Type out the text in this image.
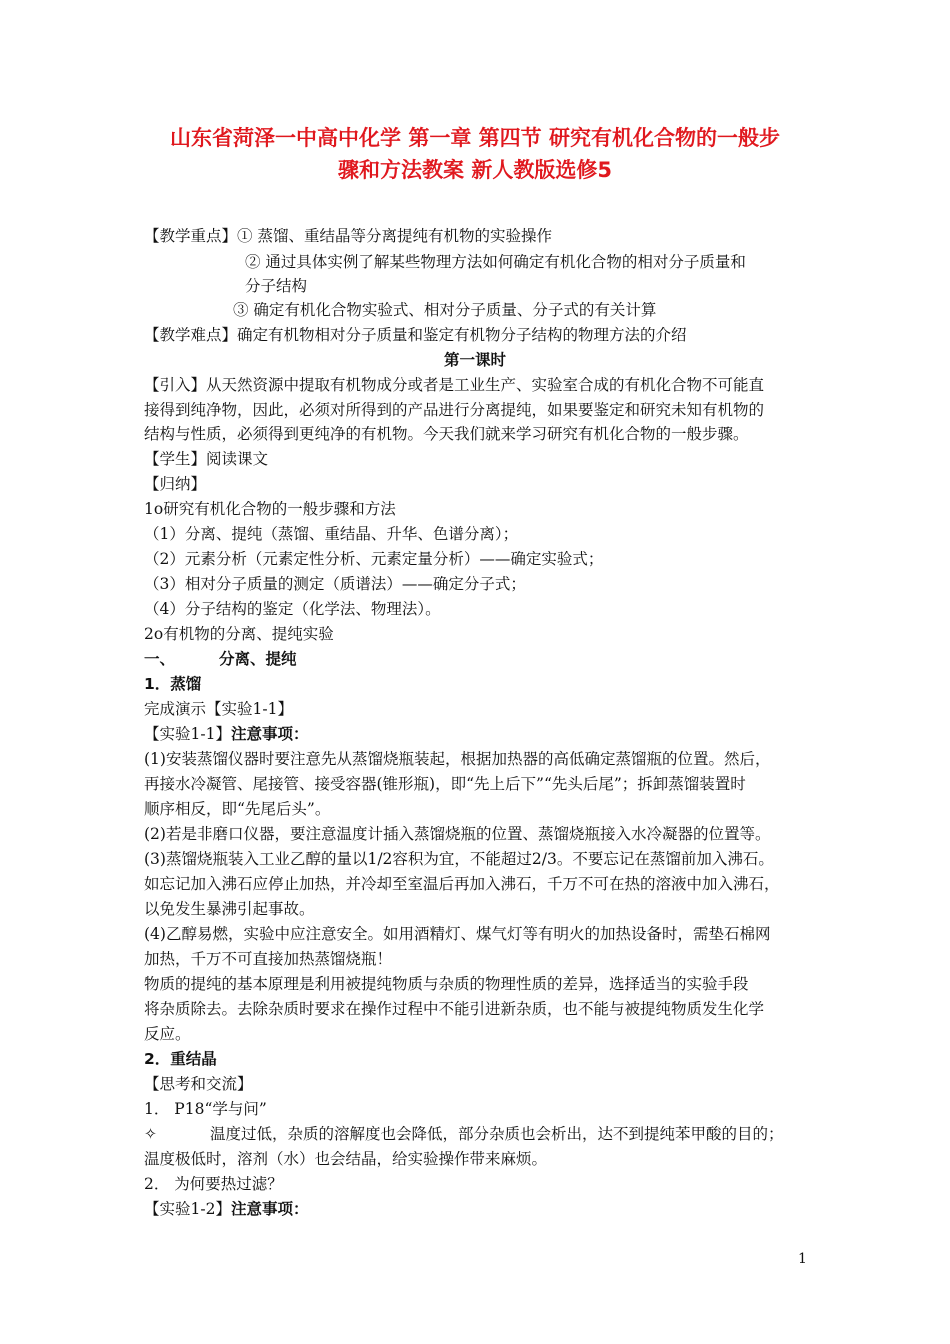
山东省菏泽一中高中化学 第一章 第四节 研究有机化合物的一般步
骤和方法教案 新人教版选修5
【教学重点】① 蒸馏、重结晶等分离提纯有机物的实验操作
② 通过具体实例了解某些物理方法如何确定有机化合物的相对分子质量和
分子结构
③ 确定有机化合物实验式、相对分子质量、分子式的有关计算
【教学难点】确定有机物相对分子质量和鉴定有机物分子结构的物理方法的介绍
第一课时
【引入】从天然资源中提取有机物成分或者是工业生产、实验室合成的有机化合物不可能直
接得到纯净物，因此，必须对所得到的产品进行分离提纯，如果要鉴定和研究未知有机物的
结构与性质，必须得到更纯净的有机物。今天我们就来学习研究有机化合物的一般步骤。
【学生】阅读课文
【归纳】
1o研究有机化合物的一般步骤和方法
（1）分离、提纯（蒸馏、重结晶、升华、色谱分离）；
（2）元素分析（元素定性分析、元素定量分析）——确定实验式；
（3）相对分子质量的测定（质谱法）——确定分子式；
（4）分子结构的鉴定（化学法、物理法）。
2o有机物的分离、提纯实验
一、	分离、提纯
1．蒸馏
完成演示【实验1-1】
【实验1-1】注意事项：
(1)安装蒸馏仪器时要注意先从蒸馏烧瓶装起，根据加热器的高低确定蒸馏瓶的位置。然后，
再接水冷凝管、尾接管、接受容器(锥形瓶)，即“先上后下”“先头后尾”；拆卸蒸馏装置时
顺序相反，即“先尾后头”。
(2)若是非磨口仪器，要注意温度计插入蒸馏烧瓶的位置、蒸馏烧瓶接入水冷凝器的位置等。
(3)蒸馏烧瓶装入工业乙醇的量以1/2容积为宜，不能超过2/3。不要忘记在蒸馏前加入沸石。
如忘记加入沸石应停止加热，并冷却至室温后再加入沸石，千万不可在热的溶液中加入沸石，
以免发生暴沸引起事故。
(4)乙醇易燃，实验中应注意安全。如用酒精灯、煤气灯等有明火的加热设备时，需垫石棉网
加热，千万不可直接加热蒸馏烧瓶！
物质的提纯的基本原理是利用被提纯物质与杂质的物理性质的差异，选择适当的实验手段
将杂质除去。去除杂质时要求在操作过程中不能引进新杂质，也不能与被提纯物质发生化学
反应。
2．重结晶
【思考和交流】
1． P18“学与问”
✧	温度过低，杂质的溶解度也会降低，部分杂质也会析出，达不到提纯苯甲酸的目的；
温度极低时，溶剂（水）也会结晶，给实验操作带来麻烦。
2． 为何要热过滤？
【实验1-2】注意事项：
1
